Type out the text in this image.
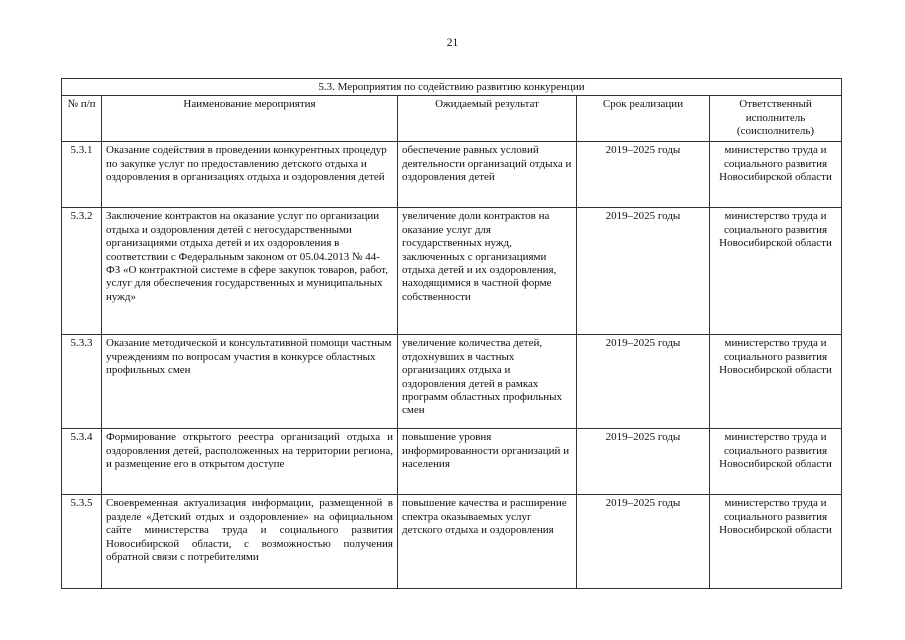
21
5.3. Мероприятия по содействию развитию конкуренции				
№ п/п	Наименование мероприятия	Ожидаемый результат	Срок реализации	Ответственный исполнитель (соисполнитель)
5.3.1	Оказание содействия в проведении конкурентных процедур по закупке услуг по предоставлению детского отдыха и оздоровления в организациях отдыха и оздоровления детей	обеспечение равных условий деятельности организаций отдыха и оздоровления детей	2019–2025 годы	министерство труда и социального развития Новосибирской области
5.3.2	Заключение контрактов на оказание услуг по организации отдыха и оздоровления детей с негосударственными организациями отдыха детей и их оздоровления в соответствии с Федеральным законом от 05.04.2013 № 44-ФЗ «О контрактной системе в сфере закупок товаров, работ, услуг для обеспечения государственных и муниципальных нужд»	увеличение доли контрактов на оказание услуг для государственных нужд, заключенных с организациями отдыха детей и их оздоровления, находящимися в частной форме собственности	2019–2025 годы	министерство труда и социального развития Новосибирской области
5.3.3	Оказание методической и консультативной помощи частным учреждениям по вопросам участия в конкурсе областных профильных смен	увеличение количества детей, отдохнувших в частных организациях отдыха и оздоровления детей в рамках программ областных профильных смен	2019–2025 годы	министерство труда и социального развития Новосибирской области
5.3.4	Формирование открытого реестра организаций отдыха и оздоровления детей, расположенных на территории региона, и размещение его в открытом доступе	повышение уровня информированности организаций и населения	2019–2025 годы	министерство труда и социального развития Новосибирской области
5.3.5	Своевременная актуализация информации, размещенной в разделе «Детский отдых и оздоровление» на официальном сайте министерства труда и социального развития Новосибирской области, с возможностью получения обратной связи с потребителями	повышение качества и расширение спектра оказываемых услуг детского отдыха и оздоровления	2019–2025 годы	министерство труда и социального развития Новосибирской области
